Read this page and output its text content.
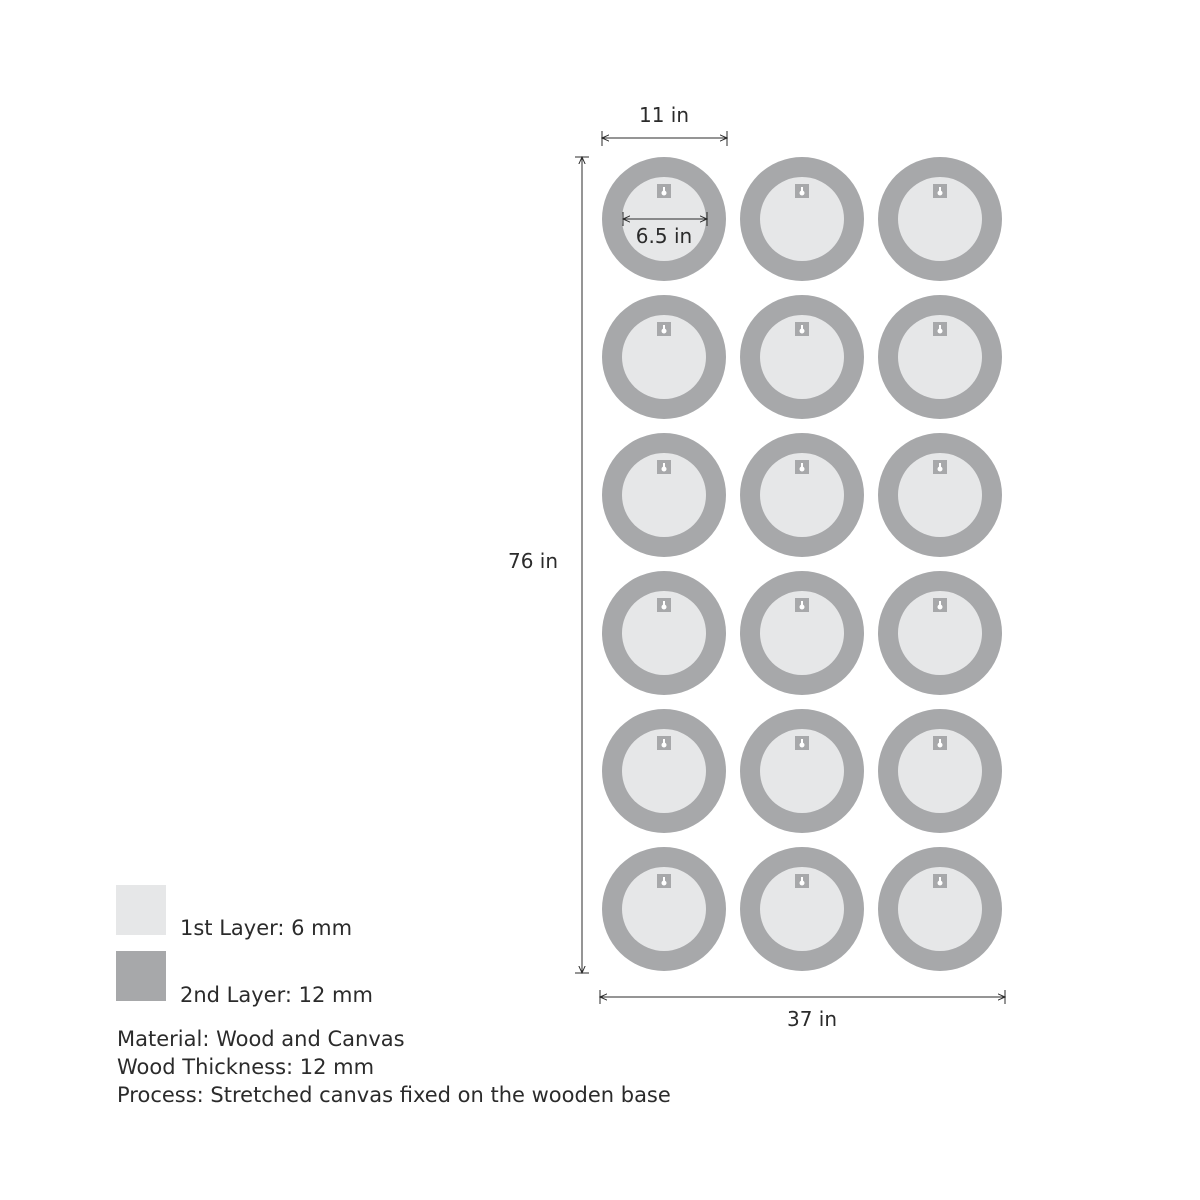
11 in
6.5 in
76 in
37 in
1st Layer: 6 mm
2nd Layer: 12 mm
Material: Wood and Canvas
Wood Thickness: 12 mm
Process: Stretched canvas fixed on the wooden base
